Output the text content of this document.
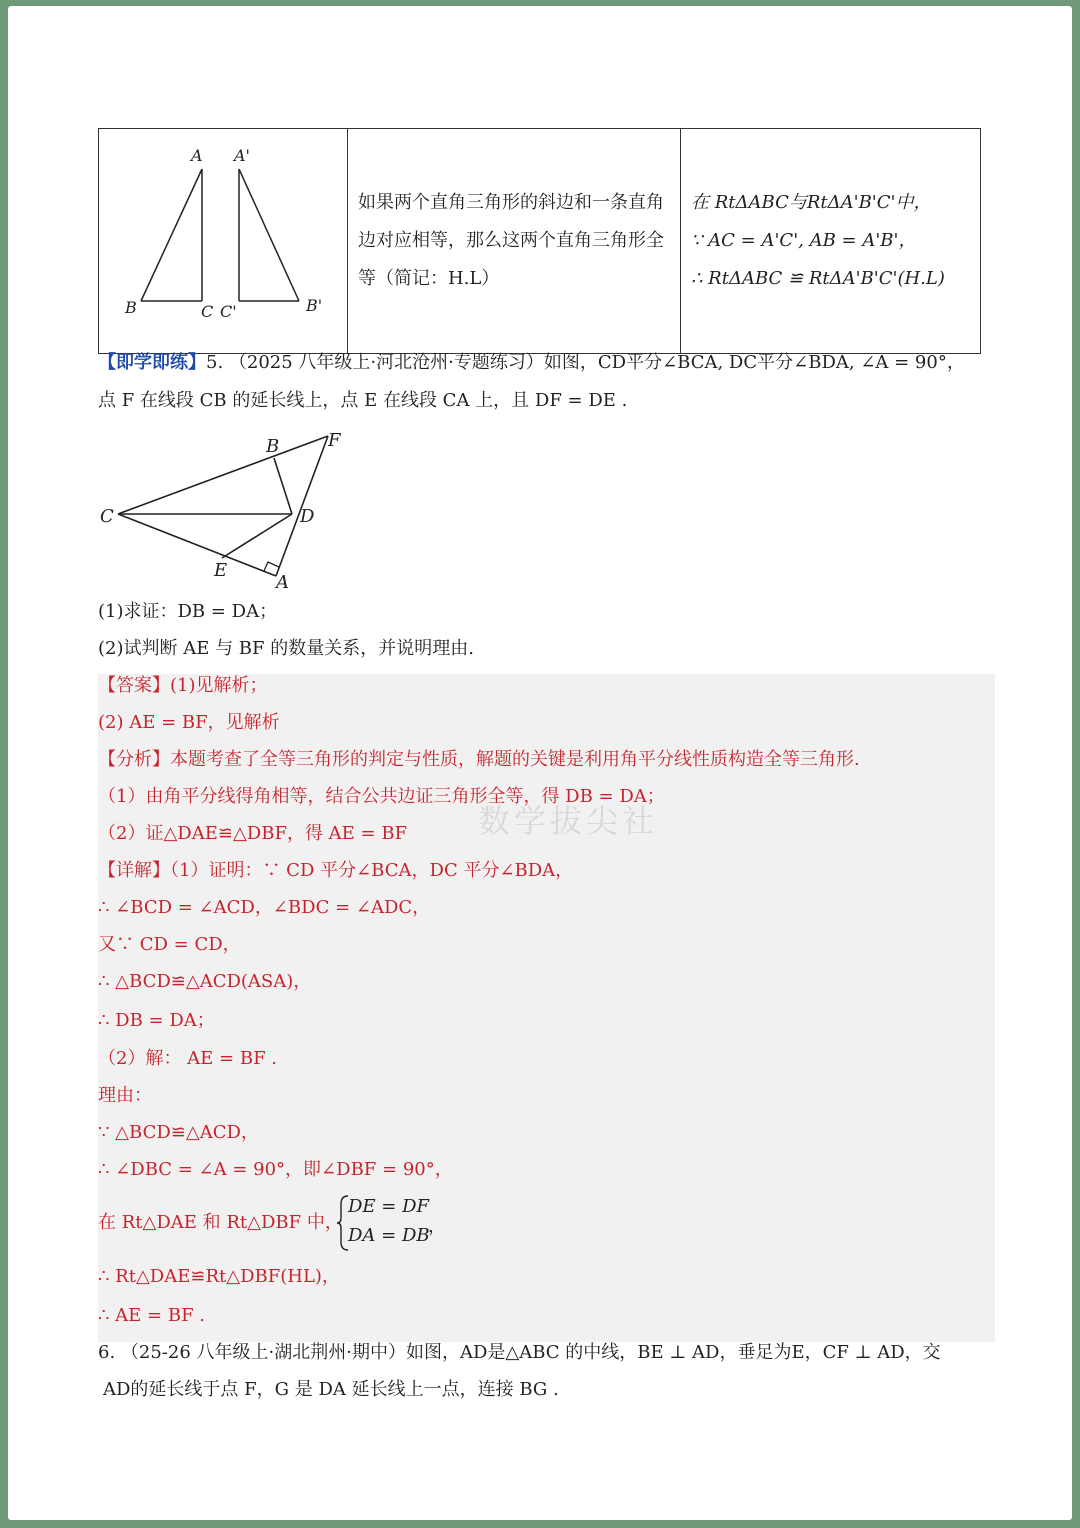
A A'
B	C C'	B'

如果两个直角三角形的斜边和一条直角边对应相等，那么这两个直角三角形全等（简记：H.L）

在 RtΔABC与RtΔA'B'C'中，
∵ AC = A'C', AB = A'B'，
∴ RtΔABC ≌ RtΔA'B'C'(H.L)
【即学即练】5. （2025 八年级上·河北沧州·专题练习）如图，CD平分∠BCA, DC平分∠BDA, ∠A = 90°，
点 F 在线段 CB 的延长线上，点 E 在线段 CA 上，且 DF = DE .
B	F
C	D
E
A
(1)求证：DB = DA；
(2)试判断 AE 与 BF 的数量关系，并说明理由.
数学拔尖社
【答案】(1)见解析；
(2) AE = BF，见解析
【分析】本题考查了全等三角形的判定与性质，解题的关键是利用角平分线性质构造全等三角形.
（1）由角平分线得角相等，结合公共边证三角形全等，得 DB = DA；
（2）证△DAE≌△DBF，得 AE = BF
【详解】（1）证明：∵ CD 平分∠BCA，DC 平分∠BDA，
∴ ∠BCD = ∠ACD，∠BDC = ∠ADC，
又∵ CD = CD，
∴ △BCD≌△ACD(ASA)，
∴ DB = DA；
（2）解： AE = BF .
理由：
∵ △BCD≌△ACD，
∴ ∠DBC = ∠A = 90°，即∠DBF = 90°，
在 Rt△DAE 和 Rt△DBF 中，
DE = DF
DA = DB
，
∴ Rt△DAE≌Rt△DBF(HL)，
∴ AE = BF .
6. （25-26 八年级上·湖北荆州·期中）如图，AD是△ABC 的中线，BE ⊥ AD，垂足为E，CF ⊥ AD，交
AD的延长线于点 F，G 是 DA 延长线上一点，连接 BG .
